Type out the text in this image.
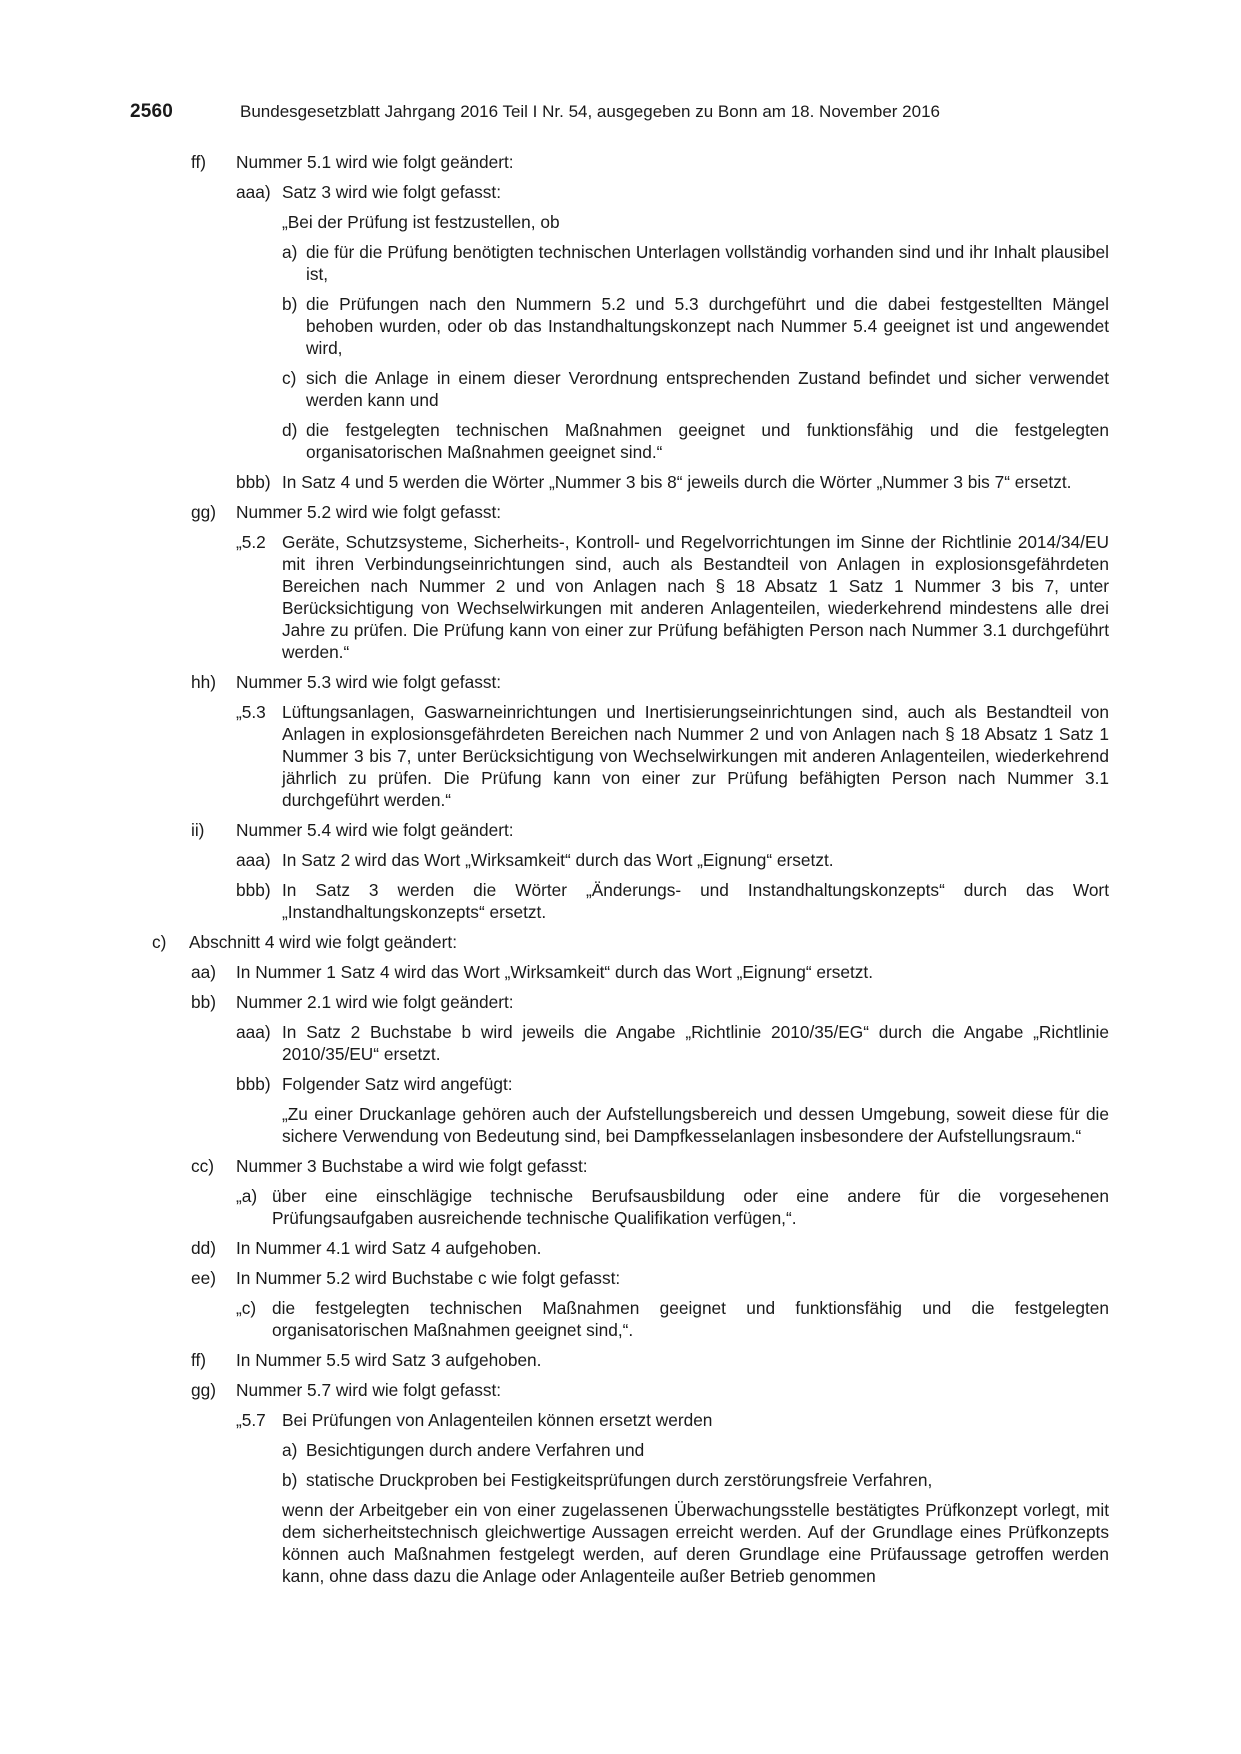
2560	Bundesgesetzblatt Jahrgang 2016 Teil I Nr. 54, ausgegeben zu Bonn am 18. November 2016
ff) Nummer 5.1 wird wie folgt geändert:
aaa) Satz 3 wird wie folgt gefasst:
„Bei der Prüfung ist festzustellen, ob
a) die für die Prüfung benötigten technischen Unterlagen vollständig vorhanden sind und ihr Inhalt plausibel ist,
b) die Prüfungen nach den Nummern 5.2 und 5.3 durchgeführt und die dabei festgestellten Mängel behoben wurden, oder ob das Instandhaltungskonzept nach Nummer 5.4 geeignet ist und angewendet wird,
c) sich die Anlage in einem dieser Verordnung entsprechenden Zustand befindet und sicher verwendet werden kann und
d) die festgelegten technischen Maßnahmen geeignet und funktionsfähig und die festgelegten organisatorischen Maßnahmen geeignet sind.“
bbb) In Satz 4 und 5 werden die Wörter „Nummer 3 bis 8“ jeweils durch die Wörter „Nummer 3 bis 7“ ersetzt.
gg) Nummer 5.2 wird wie folgt gefasst:
„5.2 Geräte, Schutzsysteme, Sicherheits-, Kontroll- und Regelvorrichtungen im Sinne der Richtlinie 2014/34/EU mit ihren Verbindungseinrichtungen sind, auch als Bestandteil von Anlagen in explosionsgefährdeten Bereichen nach Nummer 2 und von Anlagen nach § 18 Absatz 1 Satz 1 Nummer 3 bis 7, unter Berücksichtigung von Wechselwirkungen mit anderen Anlagenteilen, wiederkehrend mindestens alle drei Jahre zu prüfen. Die Prüfung kann von einer zur Prüfung befähigten Person nach Nummer 3.1 durchgeführt werden.“
hh) Nummer 5.3 wird wie folgt gefasst:
„5.3 Lüftungsanlagen, Gaswarneinrichtungen und Inertisierungseinrichtungen sind, auch als Bestandteil von Anlagen in explosionsgefährdeten Bereichen nach Nummer 2 und von Anlagen nach § 18 Absatz 1 Satz 1 Nummer 3 bis 7, unter Berücksichtigung von Wechselwirkungen mit anderen Anlagenteilen, wiederkehrend jährlich zu prüfen. Die Prüfung kann von einer zur Prüfung befähigten Person nach Nummer 3.1 durchgeführt werden.“
ii) Nummer 5.4 wird wie folgt geändert:
aaa) In Satz 2 wird das Wort „Wirksamkeit“ durch das Wort „Eignung“ ersetzt.
bbb) In Satz 3 werden die Wörter „Änderungs- und Instandhaltungskonzepts“ durch das Wort „Instandhaltungskonzepts“ ersetzt.
c) Abschnitt 4 wird wie folgt geändert:
aa) In Nummer 1 Satz 4 wird das Wort „Wirksamkeit“ durch das Wort „Eignung“ ersetzt.
bb) Nummer 2.1 wird wie folgt geändert:
aaa) In Satz 2 Buchstabe b wird jeweils die Angabe „Richtlinie 2010/35/EG“ durch die Angabe „Richtlinie 2010/35/EU“ ersetzt.
bbb) Folgender Satz wird angefügt:
„Zu einer Druckanlage gehören auch der Aufstellungsbereich und dessen Umgebung, soweit diese für die sichere Verwendung von Bedeutung sind, bei Dampfkesselanlagen insbesondere der Aufstellungsraum.“
cc) Nummer 3 Buchstabe a wird wie folgt gefasst:
„a) über eine einschlägige technische Berufsausbildung oder eine andere für die vorgesehenen Prüfungsaufgaben ausreichende technische Qualifikation verfügen,“.
dd) In Nummer 4.1 wird Satz 4 aufgehoben.
ee) In Nummer 5.2 wird Buchstabe c wie folgt gefasst:
„c) die festgelegten technischen Maßnahmen geeignet und funktionsfähig und die festgelegten organisatorischen Maßnahmen geeignet sind,“.
ff) In Nummer 5.5 wird Satz 3 aufgehoben.
gg) Nummer 5.7 wird wie folgt gefasst:
„5.7 Bei Prüfungen von Anlagenteilen können ersetzt werden
a) Besichtigungen durch andere Verfahren und
b) statische Druckproben bei Festigkeitsprüfungen durch zerstörungsfreie Verfahren,
wenn der Arbeitgeber ein von einer zugelassenen Überwachungsstelle bestätigtes Prüfkonzept vorlegt, mit dem sicherheitstechnisch gleichwertige Aussagen erreicht werden. Auf der Grundlage eines Prüfkonzepts können auch Maßnahmen festgelegt werden, auf deren Grundlage eine Prüfaussage getroffen werden kann, ohne dass dazu die Anlage oder Anlagenteile außer Betrieb genommen
